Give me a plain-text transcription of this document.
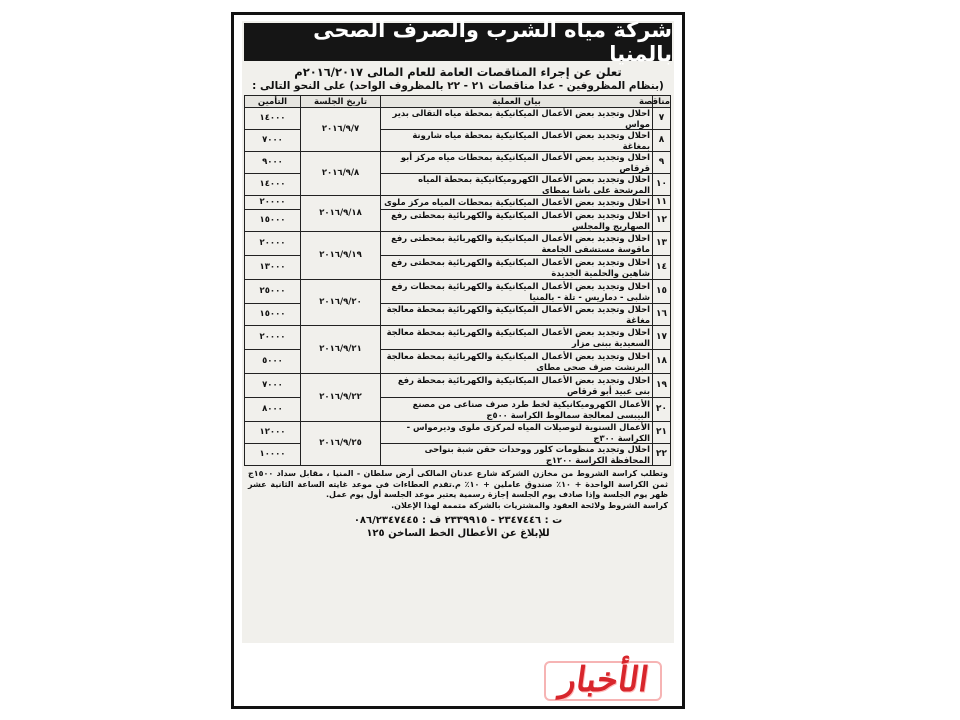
شركة مياه الشرب والصرف الصحى بالمنيا
تعلن عن إجراء المناقصات العامة للعام المالى ٢٠١٦/٢٠١٧م
(بنظام المظروفين - عدا مناقصات ٢١ - ٢٢ بالمظروف الواحد) على النحو التالى :
مناقصة	بيان العملية	تاريخ الجلسة	التأمين
٧	احلال وتجديد بعض الأعمال الميكانيكية بمحطة مياه التقالى بدير مواس	٢٠١٦/٩/٧	١٤٠٠٠
٨	احلال وتجديد بعض الأعمال الميكانيكية بمحطة مياه شارونة بمغاغة		٧٠٠٠
٩	احلال وتجديد بعض الأعمال الميكانيكية بمحطات مياه مركز أبو قرقاص	٢٠١٦/٩/٨	٩٠٠٠
١٠	احلال وتجديد بعض الأعمال الكهروميكانيكية بمحطة المياه المرشحة على باشا بمطاى		١٤٠٠٠
١١	احلال وتجديد بعض الأعمال الميكانيكية بمحطات المياه مركز ملوى	٢٠١٦/٩/١٨	٢٠٠٠٠
١٢	احلال وتجديد بعض الأعمال الميكانيكية والكهربائية بمحطتى رفع الصهاريج والمجلس		١٥٠٠٠
١٣	احلال وتجديد بعض الأعمال الميكانيكية والكهربائية بمحطتى رفع ماقوسة مستشفى الجامعة	٢٠١٦/٩/١٩	٢٠٠٠٠
١٤	احلال وتجديد بعض الأعمال الميكانيكية والكهربائية بمحطتى رفع شاهين والحلمية الجديدة		١٣٠٠٠
١٥	احلال وتجديد بعض الأعمال الميكانيكية والكهربائية بمحطات رفع شلبى - دماريس - تلة - بالمنيا	٢٠١٦/٩/٢٠	٢٥٠٠٠
١٦	احلال وتجديد بعض الأعمال الميكانيكية والكهربائية بمحطة معالجة مغاغة		١٥٠٠٠
١٧	احلال وتجديد بعض الأعمال الميكانيكية والكهربائية بمحطة معالجة السعيدية ببنى مزار	٢٠١٦/٩/٢١	٢٠٠٠٠
١٨	احلال وتجديد بعض الأعمال الميكانيكية والكهربائية بمحطة معالجة البرنشت صرف صحى مطاى		٥٠٠٠
١٩	احلال وتجديد بعض الأعمال الميكانيكية والكهربائية بمحطة رفع بنى عبيد أبو قرقاص	٢٠١٦/٩/٢٢	٧٠٠٠
٢٠	الأعمال الكهروميكانيكية لخط طرد صرف صناعى من مصنع البيبسى لمعالجة سمالوط الكراسة ٥٠٠ج		٨٠٠٠
٢١	الأعمال السنوية لتوصيلات المياه لمركزى ملوى وديرمواس - الكراسة ٣٠٠ج	٢٠١٦/٩/٢٥	١٢٠٠٠
٢٢	احلال وتجديد منظومات كلور ووحدات حقن شبة بنواحى المحافظة الكراسة ١٢٠٠ج		١٠٠٠٠
وتطلب كراسة الشروط من مخازن الشركة شارع عدنان المالكى أرض سلطان - المنيا ، مقابل سداد ١٥٠٠ج ثمن الكراسة الواحدة + ١٠٪ صندوق عاملين + ١٠٪ م.تقدم العطاءات فى موعد غايته الساعة الثانية عشر ظهر يوم الجلسة وإذا صادف يوم الجلسة إجازة رسمية يعتبر موعد الجلسة أول يوم عمل.
كراسة الشروط ولائحة العقود والمشتريات بالشركة متممة لهذا الإعلان.
ت : ٢٣٤٧٤٤٦ - ٢٣٣٩٩١٥ ف : ٠٨٦/٢٣٤٧٤٤٥
للإبلاغ عن الأعطال الخط الساخن ١٢٥
الأخبار
